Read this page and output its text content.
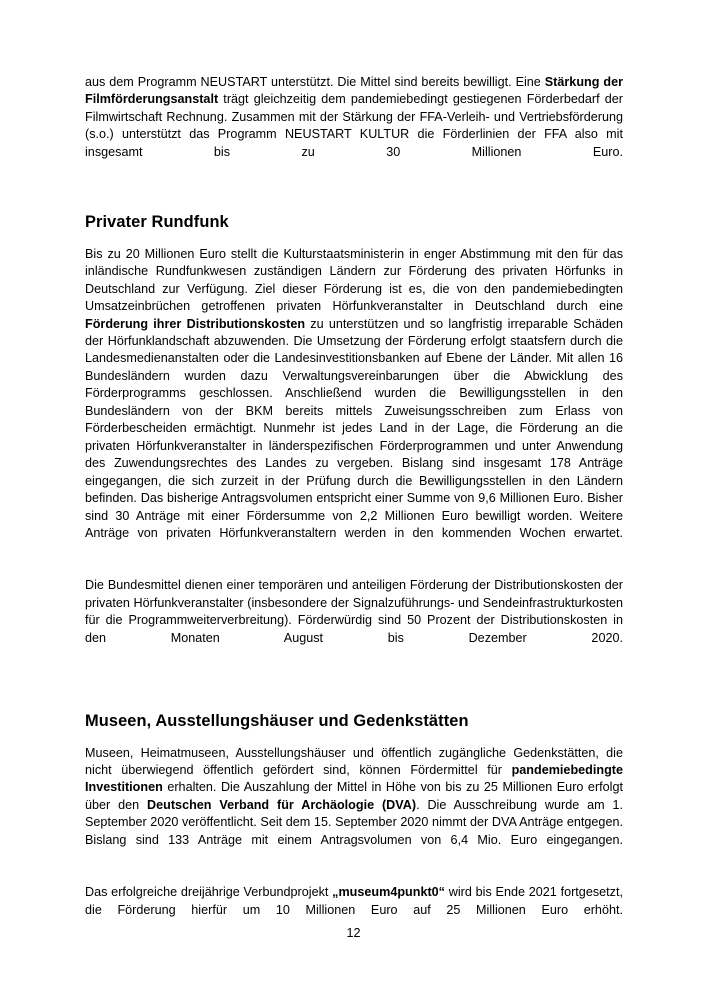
aus dem Programm NEUSTART unterstützt. Die Mittel sind bereits bewilligt. Eine Stärkung der Filmförderungsanstalt trägt gleichzeitig dem pandemiebedingt gestiegenen Förderbedarf der Filmwirtschaft Rechnung. Zusammen mit der Stärkung der FFA-Verleih- und Vertriebsförderung (s.o.) unterstützt das Programm NEUSTART KULTUR die Förderlinien der FFA also mit insgesamt bis zu 30 Millionen Euro.

Privater Rundfunk

Bis zu 20 Millionen Euro stellt die Kulturstaatsministerin in enger Abstimmung mit den für das inländische Rundfunkwesen zuständigen Ländern zur Förderung des privaten Hörfunks in Deutschland zur Verfügung. Ziel dieser Förderung ist es, die von den pandemiebedingten Umsatzeinbrüchen getroffenen privaten Hörfunkveranstalter in Deutschland durch eine Förderung ihrer Distributionskosten zu unterstützen und so langfristig irreparable Schäden der Hörfunklandschaft abzuwenden. Die Umsetzung der Förderung erfolgt staatsfern durch die Landesmedienanstalten oder die Landesinvestitionsbanken auf Ebene der Länder. Mit allen 16 Bundesländern wurden dazu Verwaltungsvereinbarungen über die Abwicklung des Förderprogramms geschlossen. Anschließend wurden die Bewilligungsstellen in den Bundesländern von der BKM bereits mittels Zuweisungsschreiben zum Erlass von Förderbescheiden ermächtigt. Nunmehr ist jedes Land in der Lage, die Förderung an die privaten Hörfunkveranstalter in länderspezifischen Förderprogrammen und unter Anwendung des Zuwendungsrechtes des Landes zu vergeben. Bislang sind insgesamt 178 Anträge eingegangen, die sich zurzeit in der Prüfung durch die Bewilligungsstellen in den Ländern befinden. Das bisherige Antragsvolumen entspricht einer Summe von 9,6 Millionen Euro. Bisher sind 30 Anträge mit einer Fördersumme von 2,2 Millionen Euro bewilligt worden. Weitere Anträge von privaten Hörfunkveranstaltern werden in den kommenden Wochen erwartet.

Die Bundesmittel dienen einer temporären und anteiligen Förderung der Distributionskosten der privaten Hörfunkveranstalter (insbesondere der Signalzuführungs- und Sendeinfrastrukturkosten für die Programmweiterverbreitung). Förderwürdig sind 50 Prozent der Distributionskosten in den Monaten August bis Dezember 2020.

Museen, Ausstellungshäuser und Gedenkstätten

Museen, Heimatmuseen, Ausstellungshäuser und öffentlich zugängliche Gedenkstätten, die nicht überwiegend öffentlich gefördert sind, können Fördermittel für pandemiebedingte Investitionen erhalten. Die Auszahlung der Mittel in Höhe von bis zu 25 Millionen Euro erfolgt über den Deutschen Verband für Archäologie (DVA). Die Ausschreibung wurde am 1. September 2020 veröffentlicht. Seit dem 15. September 2020 nimmt der DVA Anträge entgegen. Bislang sind 133 Anträge mit einem Antragsvolumen von 6,4 Mio. Euro eingegangen.

Das erfolgreiche dreijährige Verbundprojekt „museum4punkt0“ wird bis Ende 2021 fortgesetzt, die Förderung hierfür um 10 Millionen Euro auf 25 Millionen Euro erhöht.

12
